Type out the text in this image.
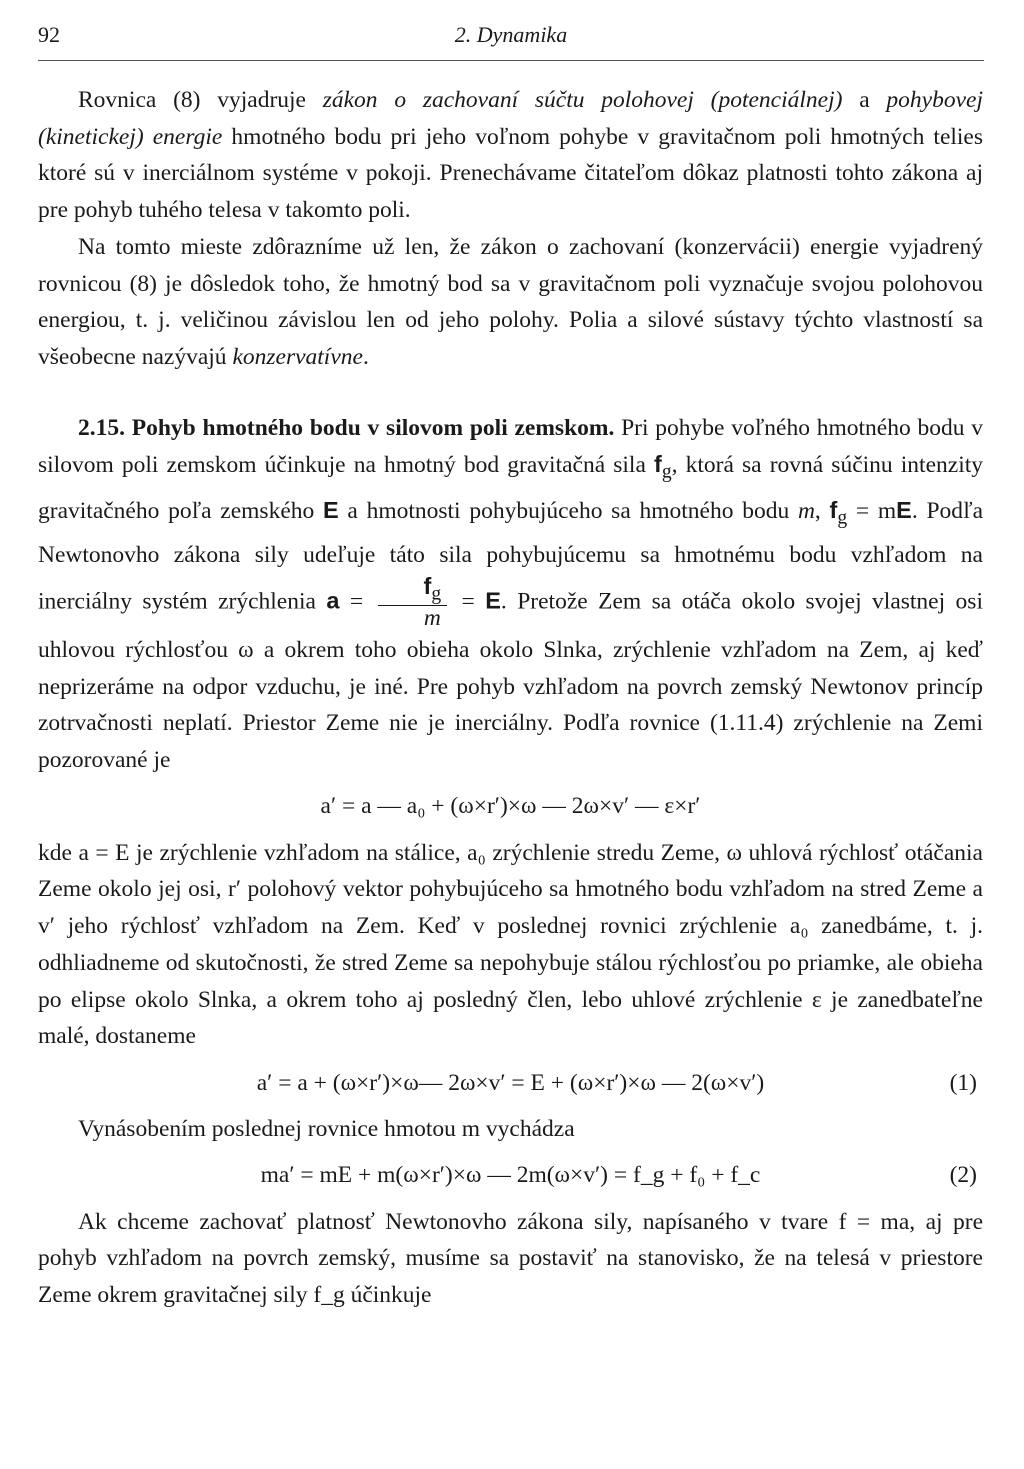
92	2. Dynamika

Rovnica (8) vyjadruje zákon o zachovaní súčtu polohovej (potenciálnej) a pohybovej (kinetickej) energie hmotného bodu pri jeho voľnom pohybe v gravitačnom poli hmotných telies ktoré sú v inerciálnom systéme v pokoji. Prenechávame čitateľom dôkaz platnosti tohto zákona aj pre pohyb tuhého telesa v takomto poli.

Na tomto mieste zdôrazníme už len, že zákon o zachovaní (konzervácii) energie vyjadrený rovnicou (8) je dôsledok toho, že hmotný bod sa v gravitačnom poli vyznačuje svojou polohovou energiou, t. j. veličinou závislou len od jeho polohy. Polia a silové sústavy týchto vlastností sa všeobecne nazývajú konzervatívne.

2.15. Pohyb hmotného bodu v silovom poli zemskom. Pri pohybe voľného hmotného bodu v silovom poli zemskom účinkuje na hmotný bod gravitačná sila $f_g$, ktorá sa rovná súčinu intenzity gravitačného poľa zemského E a hmotnosti pohybujúceho sa hmotného bodu m, $f_g$ = mE. Podľa Newtonovho zákona sily udeľuje táto sila pohybujúcemu sa hmotnému bodu vzhľadom na inerciálny systém zrýchlenia $a = \frac{f_g}{m} = E$. Pretože Zem sa otáča okolo svojej vlastnej osi uhlovou rýchlosťou ω a okrem toho obieha okolo Slnka, zrýchlenie vzhľadom na Zem, aj keď neprizeráme na odpor vzduchu, je iné. Pre pohyb vzhľadom na povrch zemský Newtonov princíp zotrvačnosti neplatí. Priestor Zeme nie je inerciálny. Podľa rovnice (1.11.4) zrýchlenie na Zemi pozorované je

a′ = a — a₀ + (ω×r′)×ω — 2ω×v′ — ε×r′

kde a = E je zrýchlenie vzhľadom na stálice, a₀ zrýchlenie stredu Zeme, ω uhlová rýchlosť otáčania Zeme okolo jej osi, r′ polohový vektor pohybujúceho sa hmotného bodu vzhľadom na stred Zeme a v′ jeho rýchlosť vzhľadom na Zem. Keď v poslednej rovnici zrýchlenie a₀ zanedbáme, t. j. odhliadneme od skutočnosti, že stred Zeme sa nepohybuje stálou rýchlosťou po priamke, ale obieha po elipse okolo Slnka, a okrem toho aj posledný člen, lebo uhlové zrýchlenie ε je zanedbateľne malé, dostaneme

a′ = a + (ω×r′)×ω— 2ω×v′ = E + (ω×r′)×ω — 2(ω×v′)	(1)

Vynásobením poslednej rovnice hmotou m vychádza

ma′ = mE + m(ω×r′)×ω — 2m(ω×v′) = f_g + f₀ + f_c	(2)

Ak chceme zachovať platnosť Newtonovho zákona sily, napísaného v tvare f = ma, aj pre pohyb vzhľadom na povrch zemský, musíme sa postaviť na stanovisko, že na telesá v priestore Zeme okrem gravitačnej sily f_g účinkuje
